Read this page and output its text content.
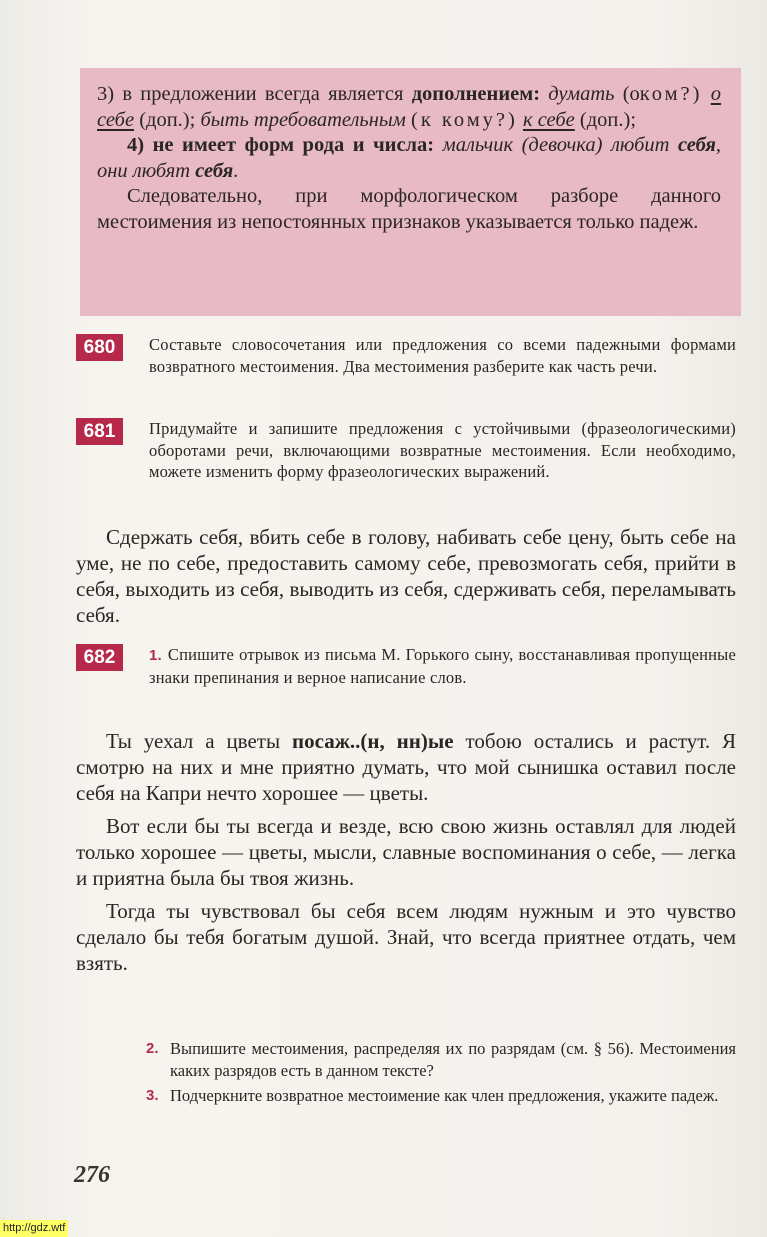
3) в предложении всегда является дополнением: думать (оком?) о себе (доп.); быть требовательным (к кому?) к себе (доп.);

4) не имеет форм рода и числа: мальчик (девочка) любит себя, они любят себя.

Следовательно, при морфологическом разборе данного местоимения из непостоянных признаков указывается только падеж.

680	Составьте словосочетания или предложения со всеми падежными формами возвратного местоимения. Два местоимения разберите как часть речи.
681	Придумайте и запишите предложения с устойчивыми (фразеологическими) оборотами речи, включающими возвратные местоимения. Если необходимо, можете изменить форму фразеологических выражений.

Сдержать себя, вбить себе в голову, набивать себе цену, быть себе на уме, не по себе, предоставить самому себе, превозмогать себя, прийти в себя, выходить из себя, выводить из себя, сдерживать себя, переламывать себя.

682	1. Спишите отрывок из письма М. Горького сыну, восстанавливая пропущенные знаки препинания и верное написание слов.

Ты уехал а цветы посаж..(н, нн)ые тобою остались и растут. Я смотрю на них и мне приятно думать, что мой сынишка оставил после себя на Капри нечто хорошее — цветы.

Вот если бы ты всегда и везде, всю свою жизнь оставлял для людей только хорошее — цветы, мысли, славные воспоминания о себе, — легка и приятна была бы твоя жизнь.

Тогда ты чувствовал бы себя всем людям нужным и это чувство сделало бы тебя богатым душой. Знай, что всегда приятнее отдать, чем взять.

2. Выпишите местоимения, распределяя их по разрядам (см. § 56). Местоимения каких разрядов есть в данном тексте?
3. Подчеркните возвратное местоимение как член предложения, укажите падеж.
276
http://gdz.wtf
